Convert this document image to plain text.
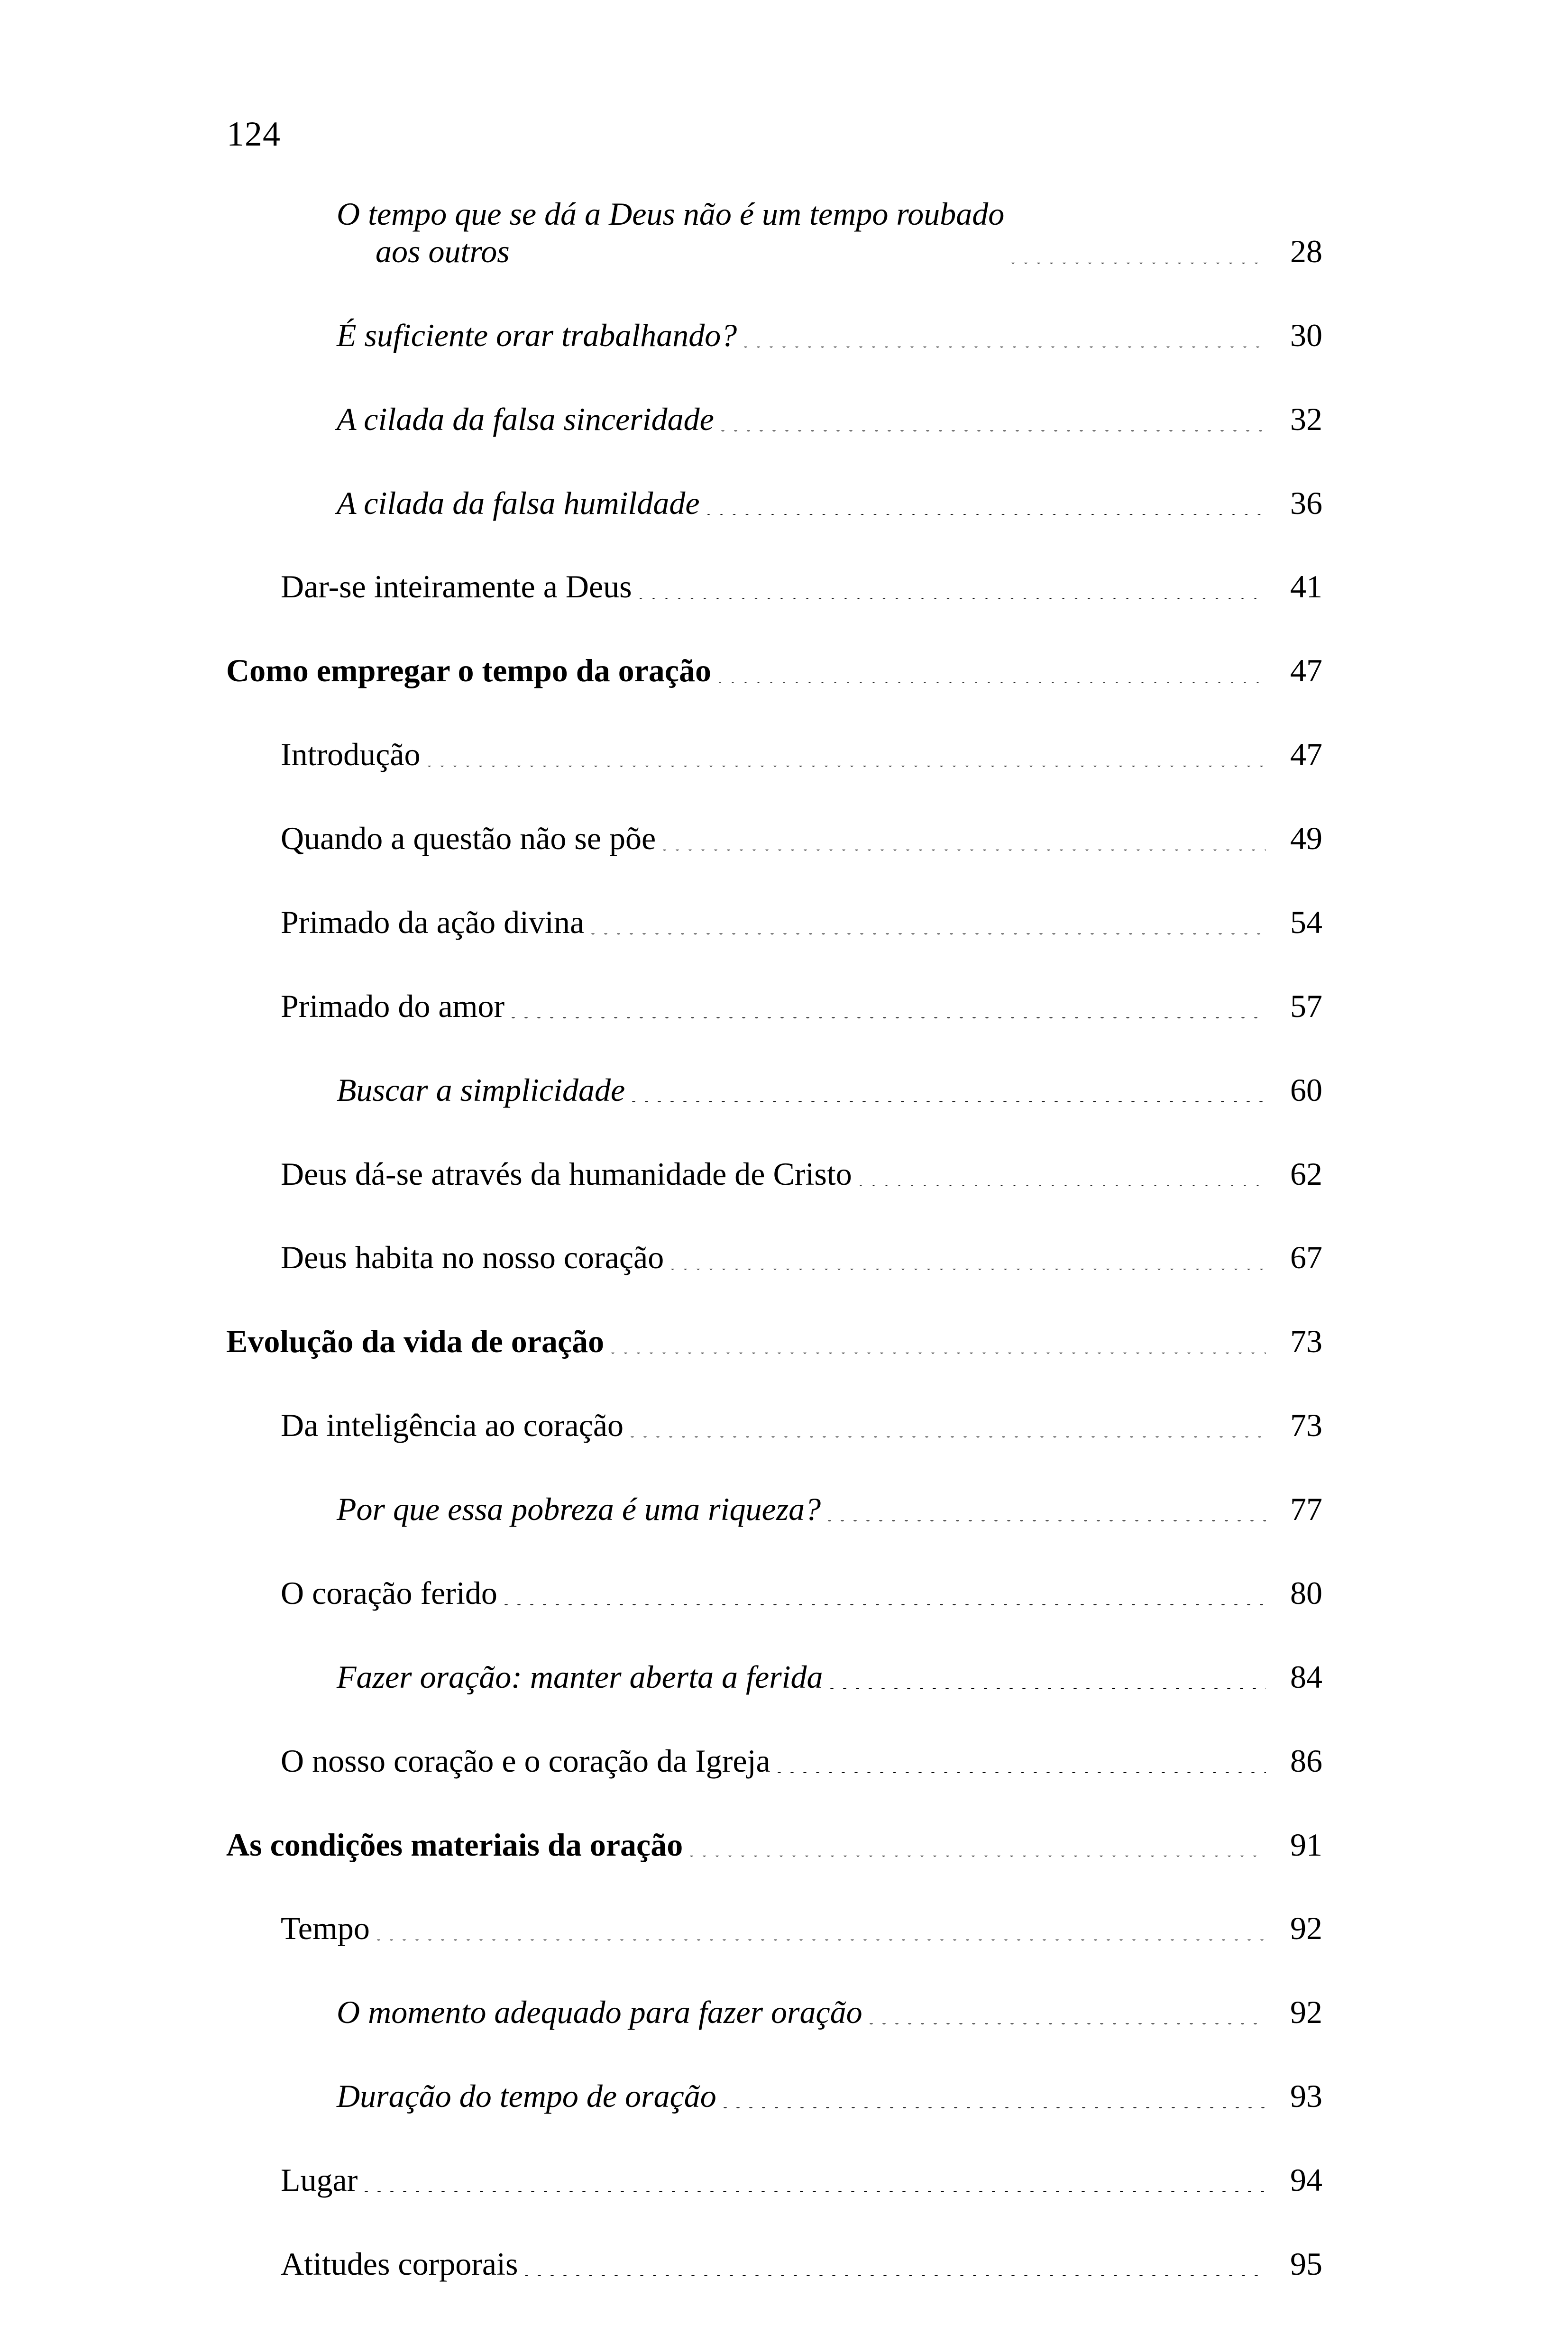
124
O tempo que se dá a Deus não é um tempo roubado
aos outros	28
É suficiente orar trabalhando?	30
A cilada da falsa sinceridade	32
A cilada da falsa humildade	36
Dar-se inteiramente a Deus	41
Como empregar o tempo da oração	47
Introdução	47
Quando a questão não se põe	49
Primado da ação divina	54
Primado do amor	57
Buscar a simplicidade	60
Deus dá-se através da humanidade de Cristo	62
Deus habita no nosso coração	67
Evolução da vida de oração	73
Da inteligência ao coração	73
Por que essa pobreza é uma riqueza?	77
O coração ferido	80
Fazer oração: manter aberta a ferida	84
O nosso coração e o coração da Igreja	86
As condições materiais da oração	91
Tempo	92
O momento adequado para fazer oração	92
Duração do tempo de oração	93
Lugar	94
Atitudes corporais	95
